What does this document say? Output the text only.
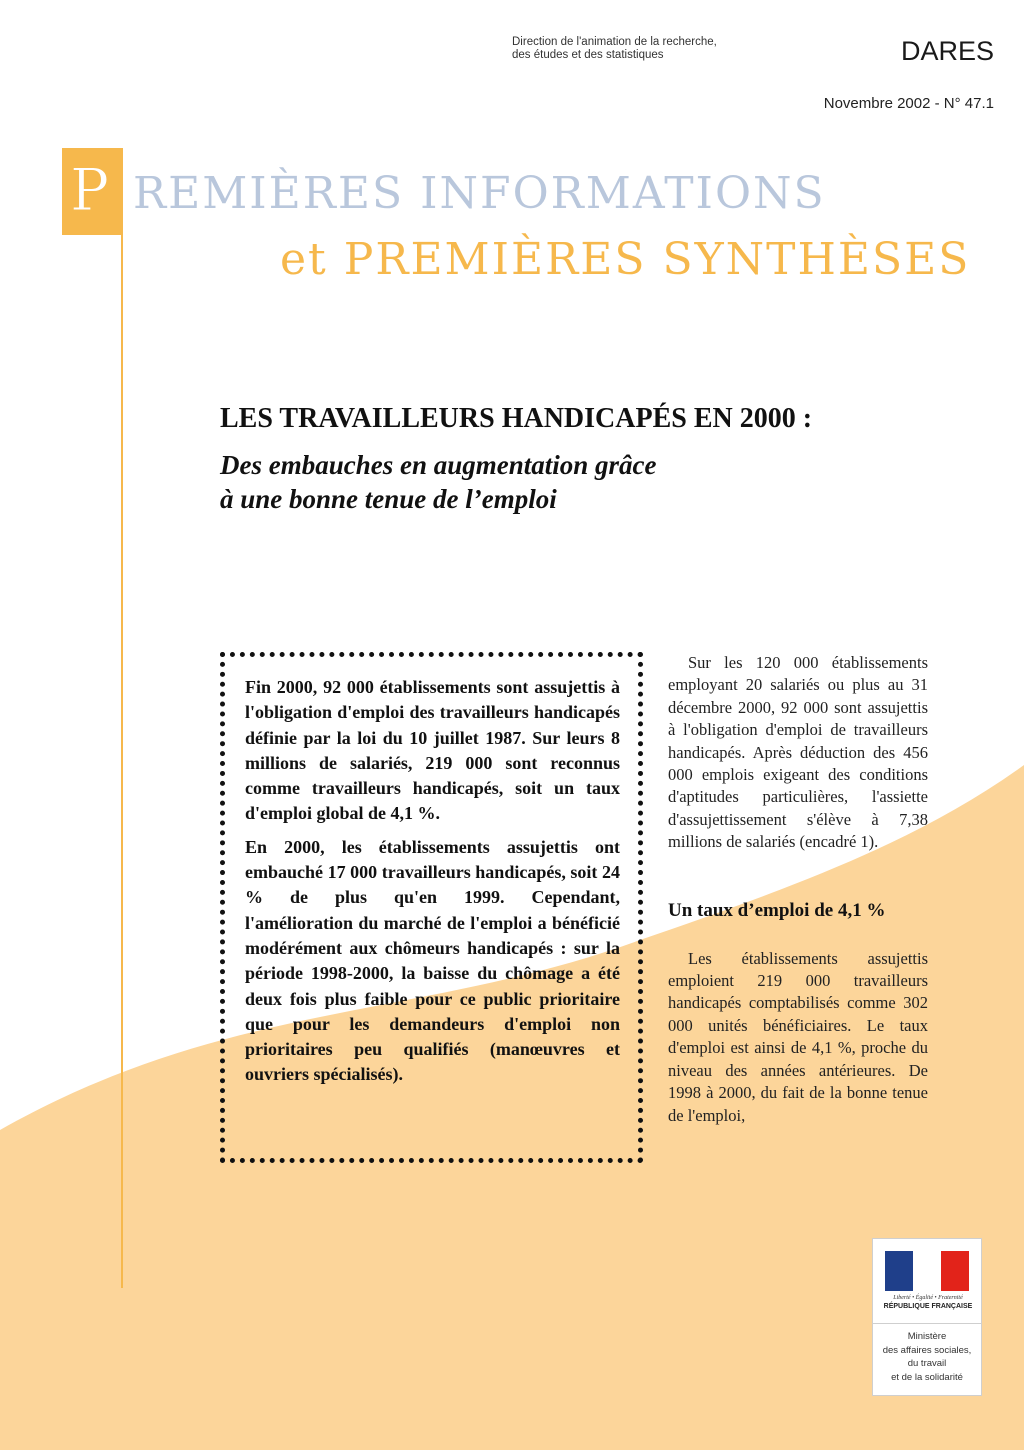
Direction de l'animation de la recherche,
des études et des statistiques	DARES
Novembre 2002 - N° 47.1
P REMIÈRES INFORMATIONS
et PREMIÈRES SYNTHÈSES
LES TRAVAILLEURS HANDICAPÉS EN 2000 :
Des embauches en augmentation grâce
à une bonne tenue de l’emploi

Fin 2000, 92 000 établissements sont assujettis à l'obligation d'emploi des travailleurs handicapés définie par la loi du 10 juillet 1987. Sur leurs 8 millions de salariés, 219 000 sont reconnus comme travailleurs handicapés, soit un taux d'emploi global de 4,1 %.

En 2000, les établissements assujettis ont embauché 17 000 travailleurs handicapés, soit 24 % de plus qu'en 1999. Cependant, l'amélioration du marché de l'emploi a bénéficié modérément aux chômeurs handicapés : sur la période 1998-2000, la baisse du chômage a été deux fois plus faible pour ce public prioritaire que pour les demandeurs d'emploi non prioritaires peu qualifiés (manœuvres et ouvriers spécialisés).

Sur les 120 000 établissements employant 20 salariés ou plus au 31 décembre 2000, 92 000 sont assujettis à l'obligation d'emploi de travailleurs handicapés. Après déduction des 456 000 emplois exigeant des conditions d'aptitudes particulières, l'assiette d'assujettissement s'élève à 7,38 millions de salariés (encadré 1).

Un taux d’emploi de 4,1 %

Les établissements assujettis emploient 219 000 travailleurs handicapés comptabilisés comme 302 000 unités bénéficiaires. Le taux d'emploi est ainsi de 4,1 %, proche du niveau des années antérieures. De 1998 à 2000, du fait de la bonne tenue de l'emploi,

Liberté • Égalité • Fraternité
RÉPUBLIQUE FRANÇAISE
Ministère
des affaires sociales,
du travail
et de la solidarité
